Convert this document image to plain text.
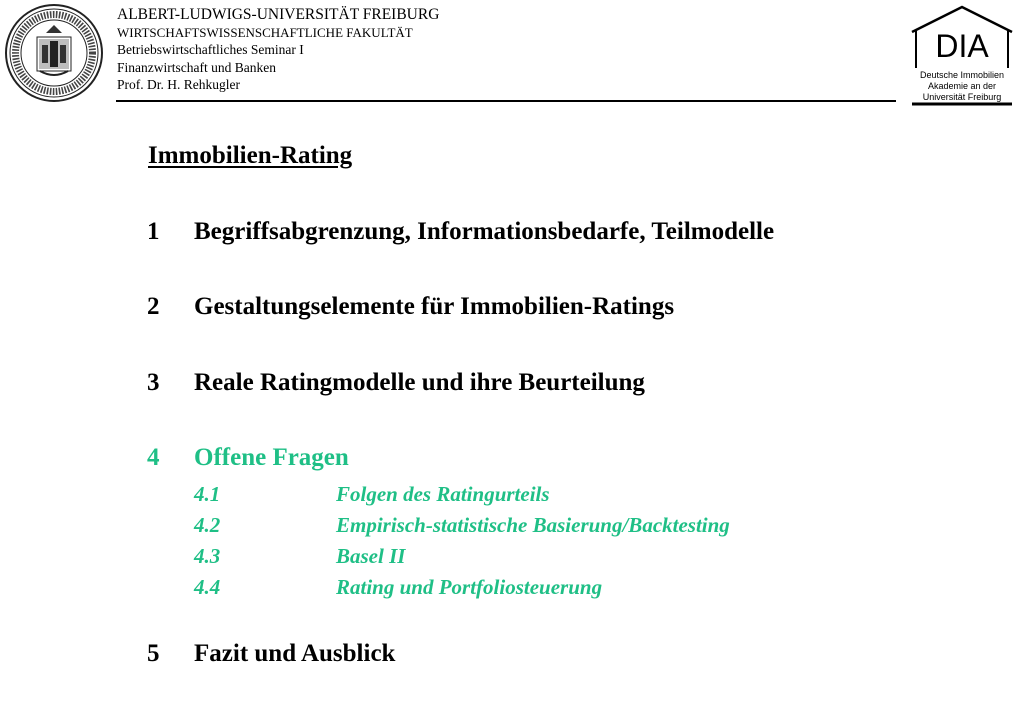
ALBERT-LUDWIGS-UNIVERSITÄT FREIBURG
WIRTSCHAFTSWISSENSCHAFTLICHE FAKULTÄT
Betriebswirtschaftliches Seminar I
Finanzwirtschaft und Banken
Prof. Dr. H. Rehkugler
DIA
Deutsche Immobilien
Akademie an der
Universität Freiburg
Immobilien-Rating
1 Begriffsabgrenzung, Informationsbedarfe, Teilmodelle
2 Gestaltungselemente für Immobilien-Ratings
3 Reale Ratingmodelle und ihre Beurteilung
4 Offene Fragen
4.1	Folgen des Ratingurteils
4.2	Empirisch-statistische Basierung/Backtesting
4.3	Basel II
4.4	Rating und Portfoliosteuerung
5 Fazit und Ausblick
